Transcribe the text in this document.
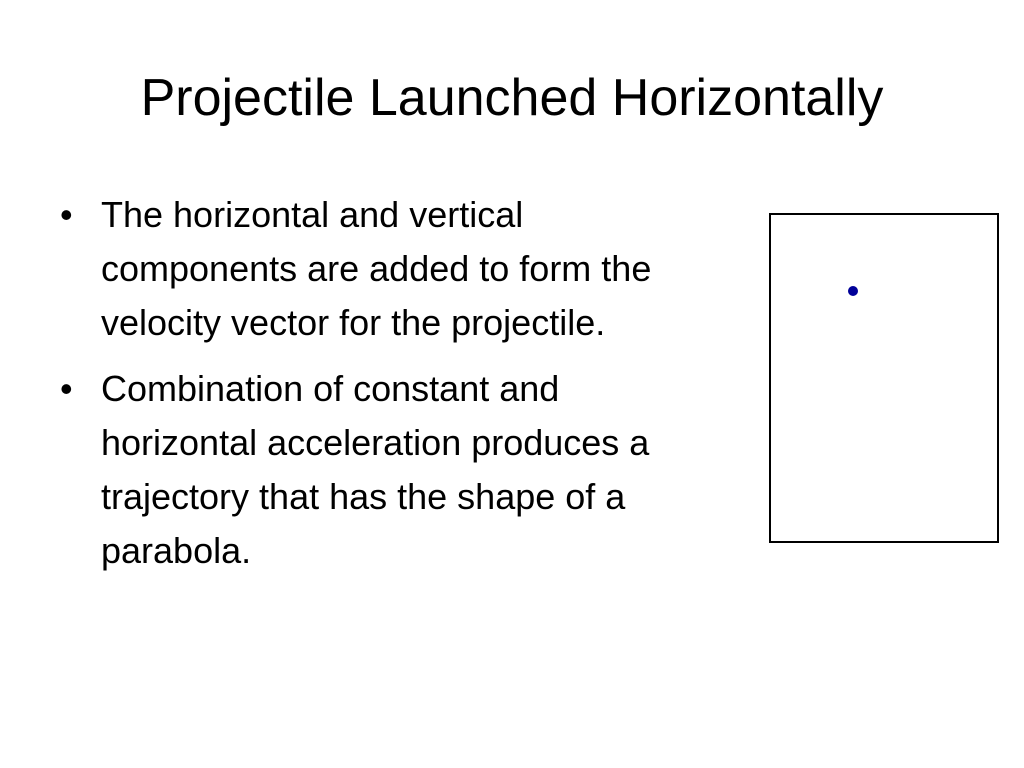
Projectile Launched Horizontally
• The horizontal and vertical components are added to form the velocity vector for the projectile.
• Combination of constant and horizontal acceleration produces a trajectory that has the shape of a parabola.
